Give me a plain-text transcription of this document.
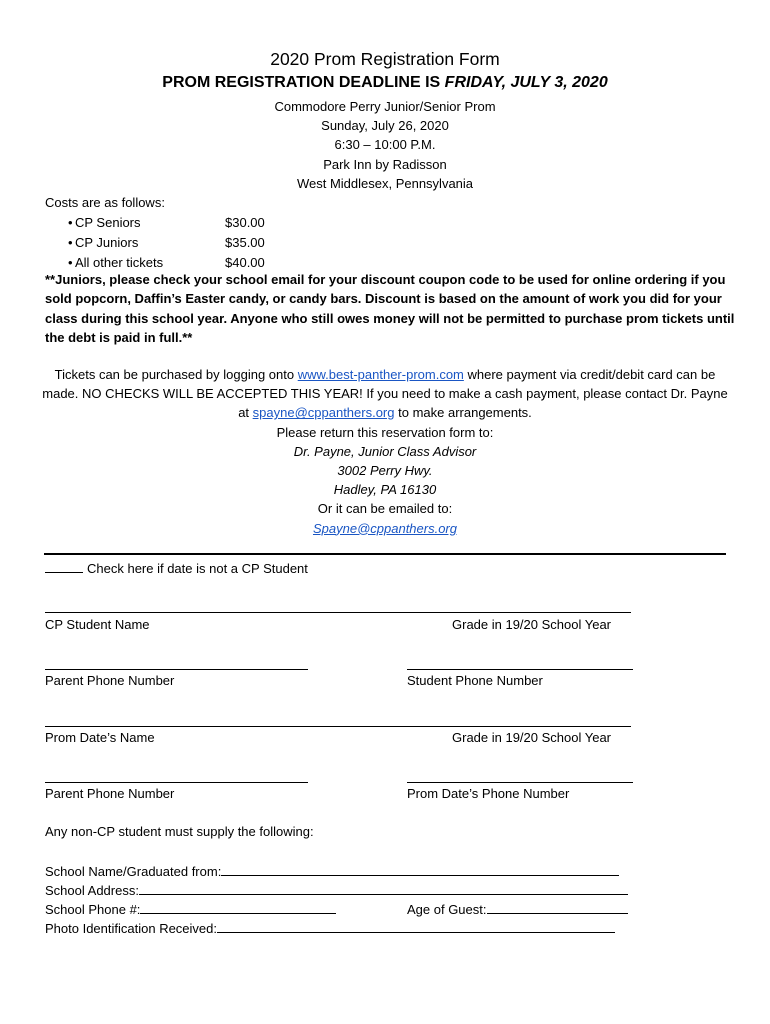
2020 Prom Registration Form
PROM REGISTRATION DEADLINE IS FRIDAY, JULY 3, 2020
Commodore Perry Junior/Senior Prom
Sunday, July 26, 2020
6:30 – 10:00 P.M.
Park Inn by Radisson
West Middlesex, Pennsylvania
Costs are as follows:
• CP Seniors	$30.00
• CP Juniors	$35.00
• All other tickets	$40.00
**Juniors, please check your school email for your discount coupon code to be used for online ordering if you sold popcorn, Daffin’s Easter candy, or candy bars. Discount is based on the amount of work you did for your class during this school year. Anyone who still owes money will not be permitted to purchase prom tickets until the debt is paid in full.**
Tickets can be purchased by logging onto www.best-panther-prom.com where payment via credit/debit card can be made. NO CHECKS WILL BE ACCEPTED THIS YEAR! If you need to make a cash payment, please contact Dr. Payne at spayne@cppanthers.org to make arrangements.
Please return this reservation form to:
Dr. Payne, Junior Class Advisor
3002 Perry Hwy.
Hadley, PA 16130
Or it can be emailed to:
Spayne@cppanthers.org
Check here if date is not a CP Student
CP Student Name	Grade in 19/20 School Year
Parent Phone Number	Student Phone Number
Prom Date’s Name	Grade in 19/20 School Year
Parent Phone Number	Prom Date’s Phone Number
Any non-CP student must supply the following:
School Name/Graduated from:
School Address:
School Phone #:	Age of Guest:
Photo Identification Received:
